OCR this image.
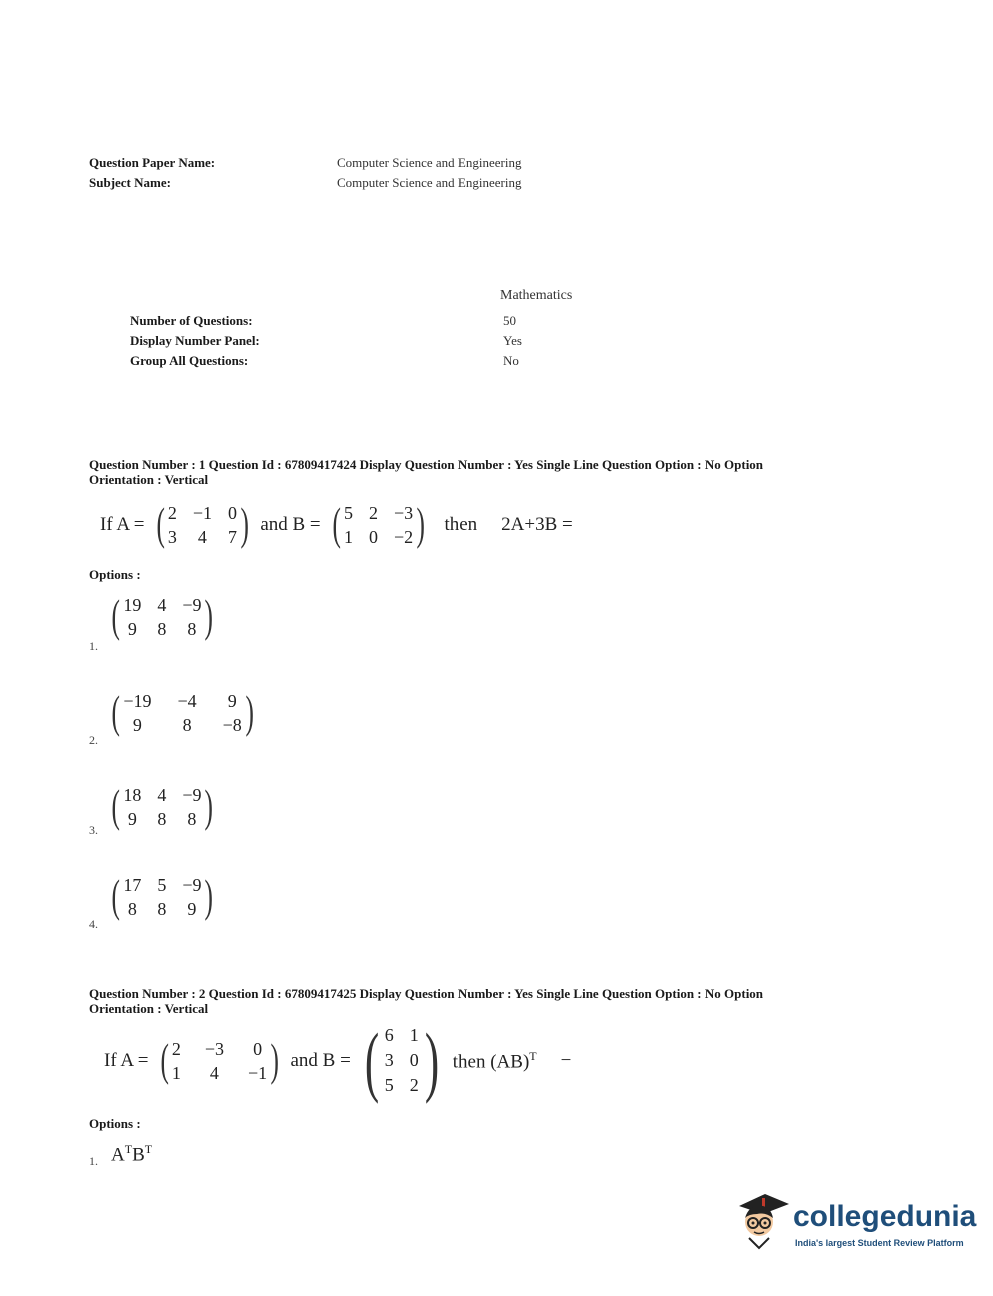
Question Paper Name:	Computer Science and Engineering
Subject Name:	Computer Science and Engineering
Mathematics
Number of Questions:	50
Display Number Panel:	Yes
Group All Questions:	No
Question Number : 1 Question Id : 67809417424 Display Question Number : Yes Single Line Question Option : No Option
Orientation : Vertical
If A = ( 2 −1 0
3 4 7 ) and B = ( 5 2 −3
1 0 −2 ) then 2A+3B =
Options :
1.
( 19 4 −9
9 8 8 )
2.
( −19 −4 9
9	8 −8 )
3. ( 18 4 −9
9 8 8 )
4.
( 17 5 −9
8 8 9 )
Question Number : 2 Question Id : 67809417425 Display Question Number : Yes Single Line Question Option : No Option
Orientation : Vertical
If A = ( 2 −3 0
1 4 −1 ) and B = ( 6 1
3 0
5 2 ) then (AB)$^T$ −
Options :
1. $A^TB^T$
collegedunia
India's largest Student Review Platform
